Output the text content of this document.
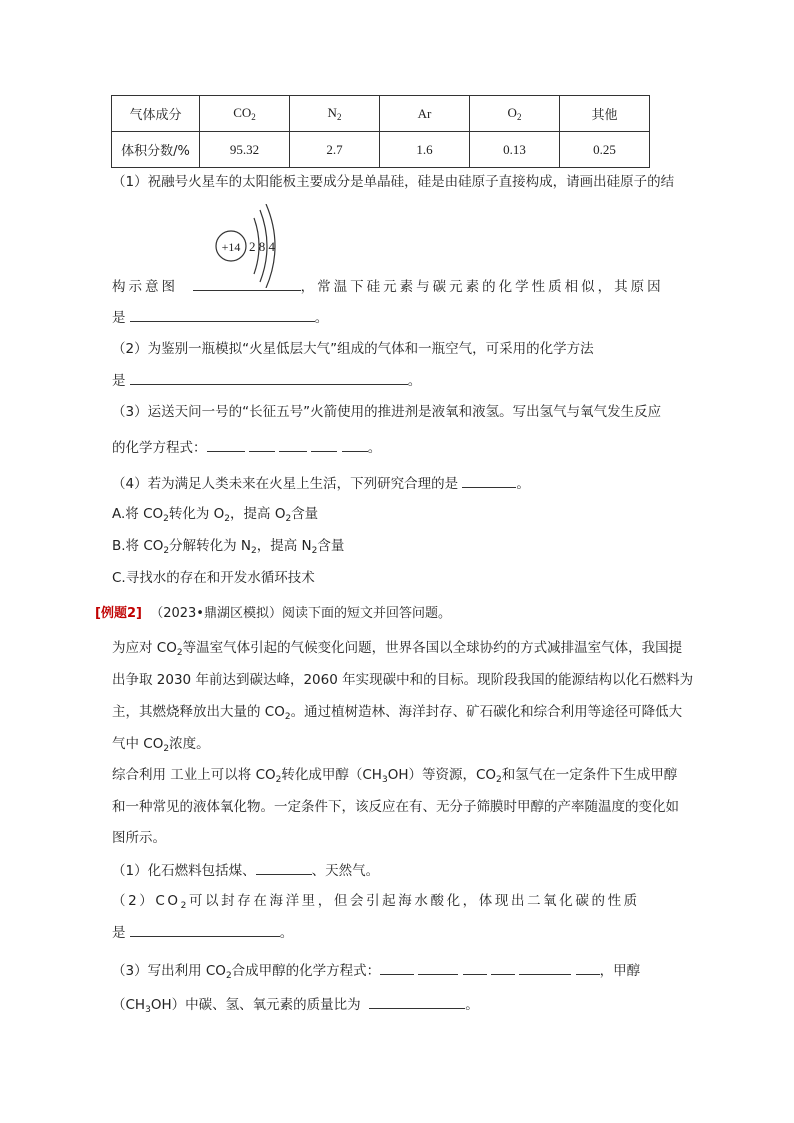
气体成分	$CO_2$	$N_2$	Ar	$O_2$	其他
体积分数/%	95.32	2.7	1.6	0.13	0.25
（1）祝融号火星车的太阳能板主要成分是单晶硅，硅是由硅原子直接构成，请画出硅原子的结
+14 2 8 4
构示意图	，常温下硅元素与碳元素的化学性质相似，其原因
是	。
（2）为鉴别一瓶模拟“火星低层大气”组成的气体和一瓶空气，可采用的化学方法
是	。
（3）运送天问一号的“长征五号”火箭使用的推进剂是液氧和液氢。写出氢气与氧气发生反应
的化学方程式：	。
（4）若为满足人类未来在火星上生活，下列研究合理的是	。
A.将 $CO_2$转化为 $O_2$，提高 $O_2$含量
B.将 $CO_2$分解转化为 $N_2$，提高 $N_2$含量
C.寻找水的存在和开发水循环技术
[例题2] （2023•鼎湖区模拟）阅读下面的短文并回答问题。
为应对 $CO_2$等温室气体引起的气候变化问题，世界各国以全球协约的方式减排温室气体，我国提
出争取 2030 年前达到碳达峰，2060 年实现碳中和的目标。现阶段我国的能源结构以化石燃料为
主，其燃烧释放出大量的 $CO_2$。通过植树造林、海洋封存、矿石碳化和综合利用等途径可降低大
气中 $CO_2$浓度。
综合利用 工业上可以将 $CO_2$转化成甲醇$(CH_3OH)$等资源，$CO_2$和氢气在一定条件下生成甲醇
和一种常见的液体氧化物。一定条件下，该反应在有、无分子筛膜时甲醇的产率随温度的变化如
图所示。
（1）化石燃料包括煤、	、天然气。
$(2)CO_2$可以封存在海洋里，但会引起海水酸化，体现出二氧化碳的性质
是	。
（3）写出利用 $CO_2$合成甲醇的化学方程式：	，甲醇
$(CH_3OH)$中碳、氢、氧元素的质量比为	。
